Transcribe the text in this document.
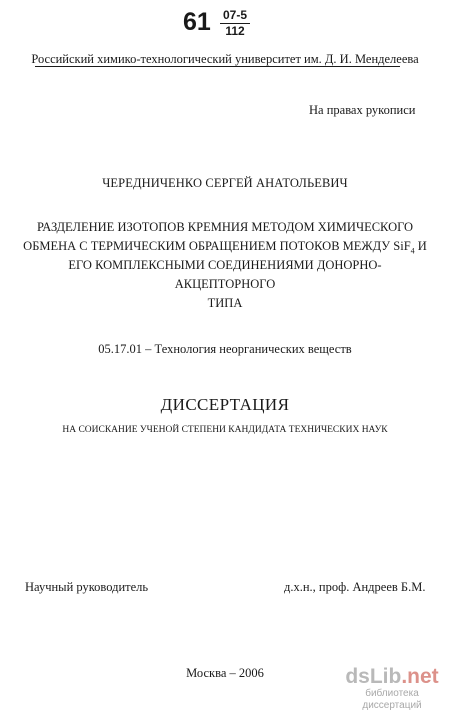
$61 \frac{07-5}{112}$
Российский химико-технологический университет им. Д. И. Менделеева
На правах рукописи
ЧЕРЕДНИЧЕНКО СЕРГЕЙ АНАТОЛЬЕВИЧ
РАЗДЕЛЕНИЕ ИЗОТОПОВ КРЕМНИЯ МЕТОДОМ ХИМИЧЕСКОГО
ОБМЕНА С ТЕРМИЧЕСКИМ ОБРАЩЕНИЕМ ПОТОКОВ МЕЖДУ SiF$_4$ И
ЕГО КОМПЛЕКСНЫМИ СОЕДИНЕНИЯМИ ДОНОРНО-АКЦЕПТОРНОГО
ТИПА
05.17.01 – Технология неорганических веществ
ДИССЕРТАЦИЯ
НА СОИСКАНИЕ УЧЕНОЙ СТЕПЕНИ КАНДИДАТА ТЕХНИЧЕСКИХ НАУК
Научный руководитель	д.х.н., проф. Андреев Б.М.
Москва – 2006	dsLib.net
библиотека диссертаций
